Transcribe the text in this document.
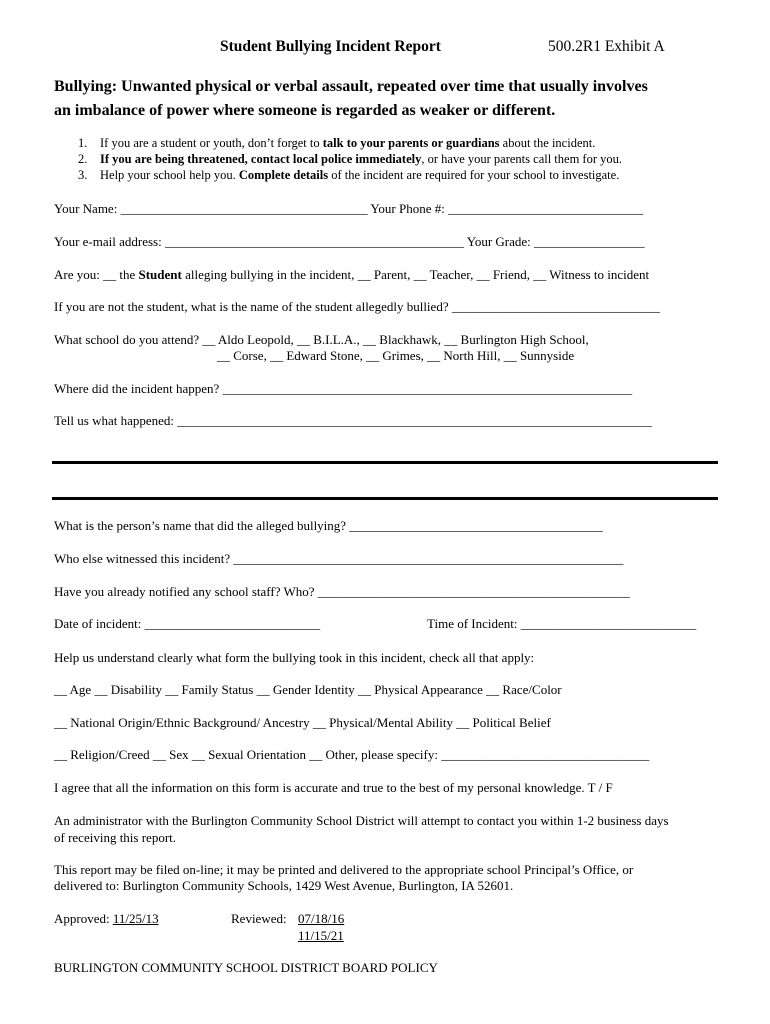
Student Bullying Incident Report	500.2R1 Exhibit A
Bullying: Unwanted physical or verbal assault, repeated over time that usually involves
an imbalance of power where someone is regarded as weaker or different.
1. If you are a student or youth, don’t forget to talk to your parents or guardians about the incident.
2. If you are being threatened, contact local police immediately, or have your parents call them for you.
3. Help your school help you. Complete details of the incident are required for your school to investigate.
Your Name: ______________________________________ Your Phone #: ______________________________
Your e-mail address: ______________________________________________ Your Grade: _________________
Are you: __ the Student alleging bullying in the incident, __ Parent, __ Teacher, __ Friend, __ Witness to incident
If you are not the student, what is the name of the student allegedly bullied? ________________________________
What school do you attend? __ Aldo Leopold, __ B.I.L.A., __ Blackhawk, __ Burlington High School,
__ Corse, __ Edward Stone, __ Grimes, __ North Hill, __ Sunnyside
Where did the incident happen? _______________________________________________________________
Tell us what happened: _________________________________________________________________________
What is the person’s name that did the alleged bullying? _______________________________________
Who else witnessed this incident? ____________________________________________________________
Have you already notified any school staff? Who? ________________________________________________
Date of incident: ___________________________	Time of Incident: ___________________________
Help us understand clearly what form the bullying took in this incident, check all that apply:
__ Age __ Disability __ Family Status __ Gender Identity __ Physical Appearance __ Race/Color
__ National Origin/Ethnic Background/ Ancestry __ Physical/Mental Ability __ Political Belief
__ Religion/Creed __ Sex __ Sexual Orientation __ Other, please specify: ________________________________
I agree that all the information on this form is accurate and true to the best of my personal knowledge. T / F
An administrator with the Burlington Community School District will attempt to contact you within 1-2 business days
of receiving this report.
This report may be filed on-line; it may be printed and delivered to the appropriate school Principal’s Office, or
delivered to: Burlington Community Schools, 1429 West Avenue, Burlington, IA 52601.
Approved: 11/25/13	Reviewed: 07/18/16
11/15/21
BURLINGTON COMMUNITY SCHOOL DISTRICT BOARD POLICY
